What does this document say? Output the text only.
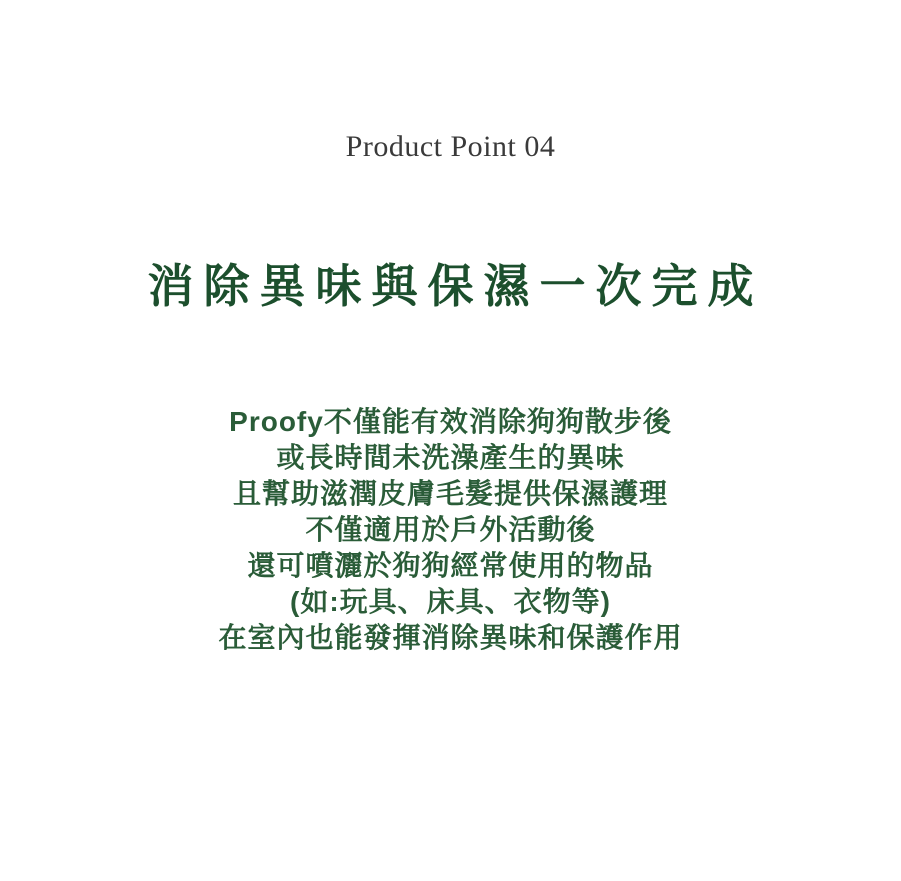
Product Point 04
消除異味與保濕一次完成
Proofy不僅能有效消除狗狗散步後
或長時間未洗澡產生的異味
且幫助滋潤皮膚毛髮提供保濕護理
不僅適用於戶外活動後
還可噴灑於狗狗經常使用的物品
(如:玩具、床具、衣物等)
在室內也能發揮消除異味和保護作用
